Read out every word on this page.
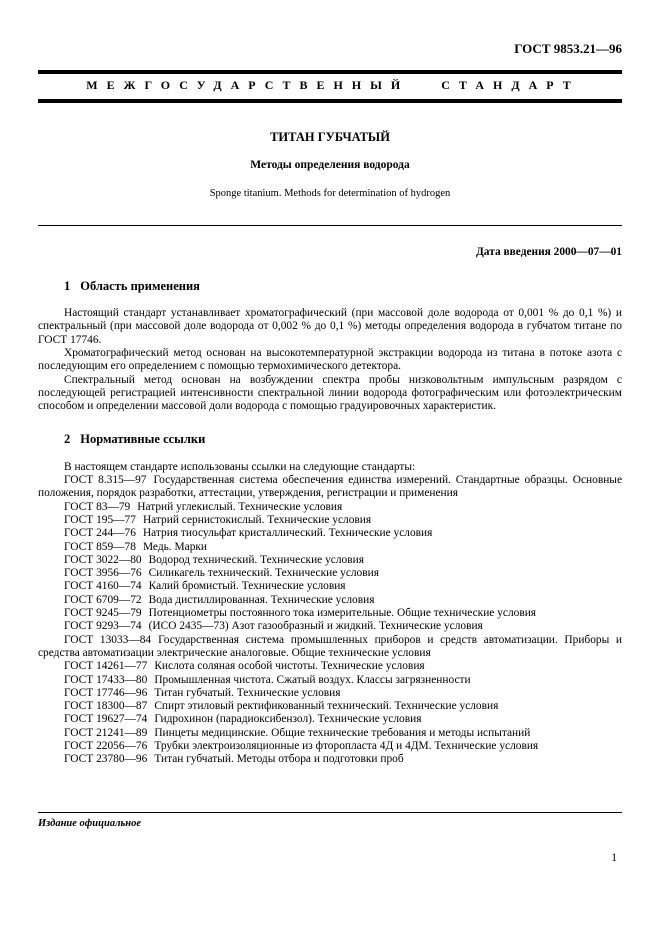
ГОСТ 9853.21—96
МЕЖГОСУДАРСТВЕННЫЙ СТАНДАРТ
ТИТАН ГУБЧАТЫЙ
Методы определения водорода
Sponge titanium. Methods for determination of hydrogen
Дата введения 2000—07—01
1 Область применения

Настоящий стандарт устанавливает хроматографический (при массовой доле водорода от 0,001 % до 0,1 %) и спектральный (при массовой доле водорода от 0,002 % до 0,1 %) методы определения водорода в губчатом титане по ГОСТ 17746.

Хроматографический метод основан на высокотемпературной экстракции водорода из титана в потоке азота с последующим его определением с помощью термохимического детектора.

Спектральный метод основан на возбуждении спектра пробы низковольтным импульсным разрядом с последующей регистрацией интенсивности спектральной линии водорода фотографическим или фотоэлектрическим способом и определении массовой доли водорода с помощью градуировочных характеристик.

2 Нормативные ссылки

В настоящем стандарте использованы ссылки на следующие стандарты:

ГОСТ 8.315—97 Государственная система обеспечения единства измерений. Стандартные образцы. Основные положения, порядок разработки, аттестации, утверждения, регистрации и применения

ГОСТ 83—79 Натрий углекислый. Технические условия

ГОСТ 195—77 Натрий сернистокислый. Технические условия

ГОСТ 244—76 Натрия тиосульфат кристаллический. Технические условия

ГОСТ 859—78 Медь. Марки

ГОСТ 3022—80 Водород технический. Технические условия

ГОСТ 3956—76 Силикагель технический. Технические условия

ГОСТ 4160—74 Калий бромистый. Технические условия

ГОСТ 6709—72 Вода дистиллированная. Технические условия

ГОСТ 9245—79 Потенциометры постоянного тока измерительные. Общие технические условия

ГОСТ 9293—74 (ИСО 2435—73) Азот газообразный и жидкий. Технические условия

ГОСТ 13033—84 Государственная система промышленных приборов и средств автоматизации. Приборы и средства автоматизации электрические аналоговые. Общие технические условия

ГОСТ 14261—77 Кислота соляная особой чистоты. Технические условия

ГОСТ 17433—80 Промышленная чистота. Сжатый воздух. Классы загрязненности

ГОСТ 17746—96 Титан губчатый. Технические условия

ГОСТ 18300—87 Спирт этиловый ректификованный технический. Технические условия

ГОСТ 19627—74 Гидрохинон (парадиоксибензол). Технические условия

ГОСТ 21241—89 Пинцеты медицинские. Общие технические требования и методы испытаний

ГОСТ 22056—76 Трубки электроизоляционные из фторопласта 4Д и 4ДМ. Технические условия

ГОСТ 23780—96 Титан губчатый. Методы отбора и подготовки проб

Издание официальное
1
